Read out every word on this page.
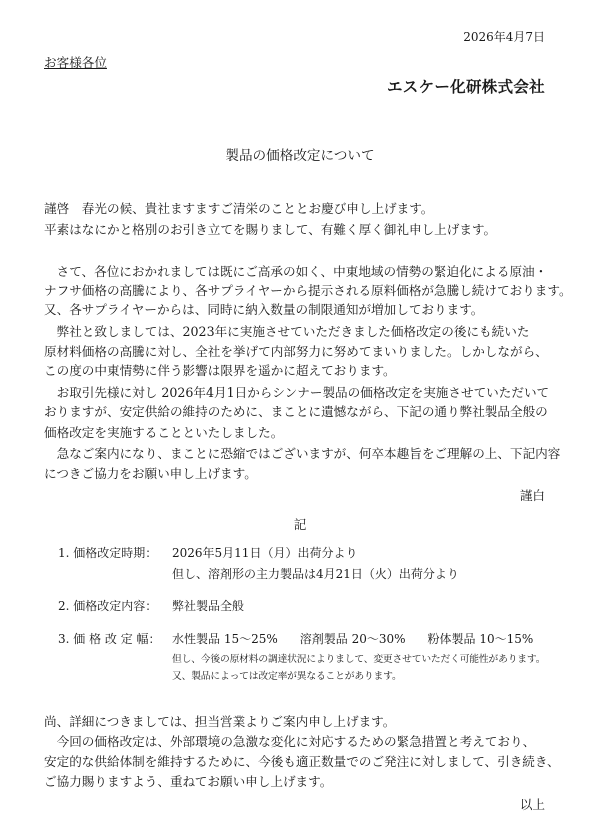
2026年4月7日
お客様各位
エスケー化研株式会社
製品の価格改定について
謹啓　春光の候、貴社ますますご清栄のこととお慶び申し上げます。
平素はなにかと格別のお引き立てを賜りまして、有難く厚く御礼申し上げます。
　さて、各位におかれましては既にご高承の如く、中東地域の情勢の緊迫化による原油・
ナフサ価格の高騰により、各サプライヤーから提示される原料価格が急騰し続けております。
又、各サプライヤーからは、同時に納入数量の制限通知が増加しております。
　弊社と致しましては、2023年に実施させていただきました価格改定の後にも続いた
原材料価格の高騰に対し、全社を挙げて内部努力に努めてまいりました。しかしながら、
この度の中東情勢に伴う影響は限界を遥かに超えております。
　お取引先様に対し 2026年4月1日からシンナー製品の価格改定を実施させていただいて
おりますが、安定供給の維持のために、まことに遺憾ながら、下記の通り弊社製品全般の
価格改定を実施することといたしました。
　急なご案内になり、まことに恐縮ではございますが、何卒本趣旨をご理解の上、下記内容
につきご協力をお願い申し上げます。
謹白
記
1. 価格改定時期： 2026年5月11日（月）出荷分より
但し、溶剤形の主力製品は4月21日（火）出荷分より
2. 価格改定内容： 弊社製品全般
3. 価 格 改 定 幅： 水性製品 15～25% 溶剤製品 20～30% 粉体製品 10～15%
但し、今後の原材料の調達状況によりまして、変更させていただく可能性があります。
又、製品によっては改定率が異なることがあります。
尚、詳細につきましては、担当営業よりご案内申し上げます。
　今回の価格改定は、外部環境の急激な変化に対応するための緊急措置と考えており、
安定的な供給体制を維持するために、今後も適正数量でのご発注に対しまして、引き続き、
ご協力賜りますよう、重ねてお願い申し上げます。
以上
